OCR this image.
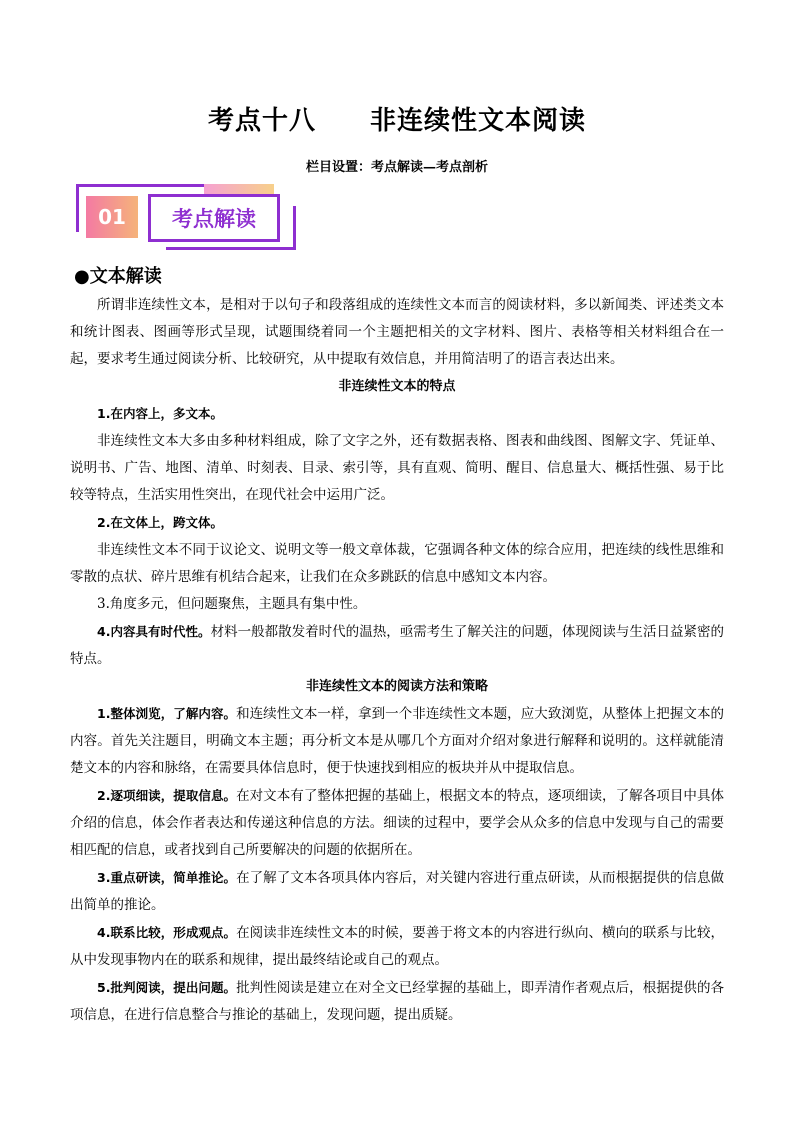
考点十八　　非连续性文本阅读
栏目设置：考点解读—考点剖析
01	考点解读
●文本解读

所谓非连续性文本，是相对于以句子和段落组成的连续性文本而言的阅读材料，多以新闻类、评述类文本和统计图表、图画等形式呈现，试题围绕着同一个主题把相关的文字材料、图片、表格等相关材料组合在一起，要求考生通过阅读分析、比较研究，从中提取有效信息，并用简洁明了的语言表达出来。

非连续性文本的特点

1.在内容上，多文本。

非连续性文本大多由多种材料组成，除了文字之外，还有数据表格、图表和曲线图、图解文字、凭证单、说明书、广告、地图、清单、时刻表、目录、索引等，具有直观、简明、醒目、信息量大、概括性强、易于比较等特点，生活实用性突出，在现代社会中运用广泛。

2.在文体上，跨文体。

非连续性文本不同于议论文、说明文等一般文章体裁，它强调各种文体的综合应用，把连续的线性思维和零散的点状、碎片思维有机结合起来，让我们在众多跳跃的信息中感知文本内容。

3.角度多元，但问题聚焦，主题具有集中性。

4.内容具有时代性。材料一般都散发着时代的温热，亟需考生了解关注的问题，体现阅读与生活日益紧密的特点。

非连续性文本的阅读方法和策略

1.整体浏览，了解内容。和连续性文本一样，拿到一个非连续性文本题，应大致浏览，从整体上把握文本的内容。首先关注题目，明确文本主题；再分析文本是从哪几个方面对介绍对象进行解释和说明的。这样就能清楚文本的内容和脉络，在需要具体信息时，便于快速找到相应的板块并从中提取信息。

2.逐项细读，提取信息。在对文本有了整体把握的基础上，根据文本的特点，逐项细读，了解各项目中具体介绍的信息，体会作者表达和传递这种信息的方法。细读的过程中，要学会从众多的信息中发现与自己的需要相匹配的信息，或者找到自己所要解决的问题的依据所在。

3.重点研读，简单推论。在了解了文本各项具体内容后，对关键内容进行重点研读，从而根据提供的信息做出简单的推论。

4.联系比较，形成观点。在阅读非连续性文本的时候，要善于将文本的内容进行纵向、横向的联系与比较，从中发现事物内在的联系和规律，提出最终结论或自己的观点。

5.批判阅读，提出问题。批判性阅读是建立在对全文已经掌握的基础上，即弄清作者观点后，根据提供的各项信息，在进行信息整合与推论的基础上，发现问题，提出质疑。
